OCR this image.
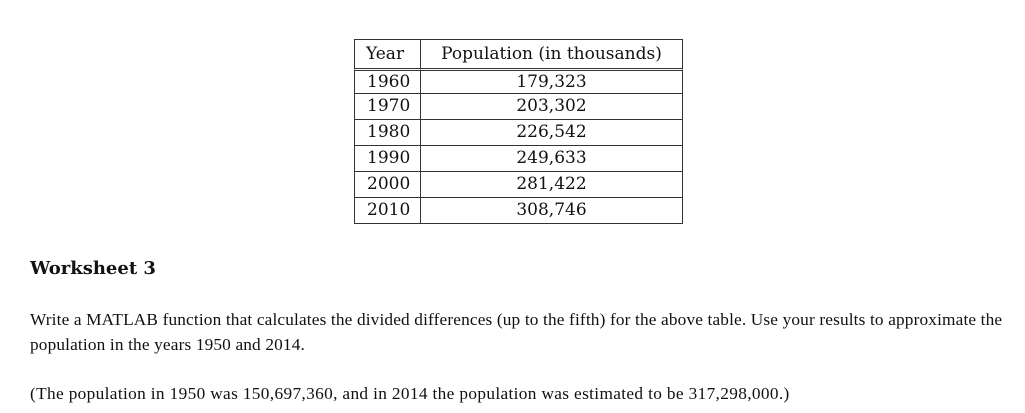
Year	Population (in thousands)
1960	179,323
1970	203,302
1980	226,542
1990	249,633
2000	281,422
2010	308,746
Worksheet 3

Write a MATLAB function that calculates the divided differences (up to the fifth) for the above table. Use your results to approximate the population in the years 1950 and 2014.

(The population in 1950 was 150,697,360, and in 2014 the population was estimated to be 317,298,000.)
